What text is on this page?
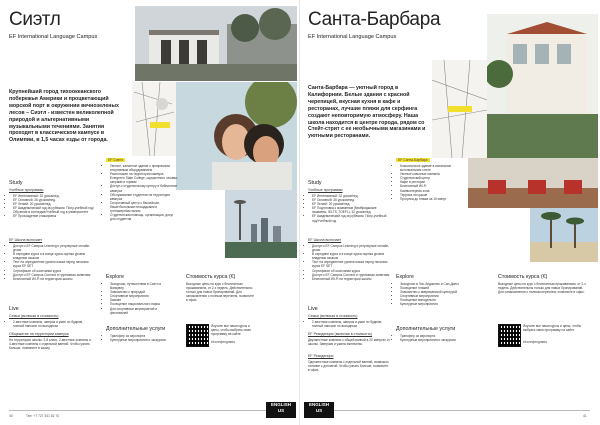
Сиэтл
EF International Language Campus
Крупнейший город тихоокеанского побережья Америки и процветающий морской порт в окружении вечнозеленых лесов – Сиэтл - известен великолепной природой и альтернативными музыкальными течениями. Занятия проходят в классическом кампусе в Олимпии, в 1,5 часах езды от города.
Study
Учебные программы
• EF Интенсивный: 32 урока/нед.
• EF Основной: 26 уроков/нед.
• EF Легкий: 20 уроков/нед.
• EF Академический год за рубежом. Полу-учебный год/Обучение в колледже/Учебный год в университете
• EF Прохождение стажировок
EF Сиэтл
• Уютное, желанное здание с прекрасным спортивным оборудованием
• Расположен на территории кампуса Evergreen State College, окруженного лесами, озерами и горами
• Доступ к студенческому центру и библиотеке кампуса
• Обслуживание студентов на территории кампуса
• Споротивный центр с бассейном, баскетбольными площадками и тренажерным залом
• Студенческая помощь, организация, досуг для студентов
EF Школа включает
• Доступ к EF Campus Learning и регулярные онлайн-уроки
• В середине курса и в конце курса оценка уровня владения языком
• Тест на определение уровня языка перед началом курса EF SET
• Сертификат об окончании курса
• Доступ к EF Campus Connect и групповым занятиям
• Бесплатный Wi-Fi на территории школы
Live
Семьи (включая в стоимость)
• 2-местные комнаты, завтрак и ужин по будням, полный пансион по выходным
Общежитие на территории кампуса
На территории школы: 2-й класс, 2-местные комнаты и 4-местные комнаты с отдельной ванной. Чтобы узнать больше, позвоните в школу.
Explore
• Экскурсии, путешествия в Сиэтл и Ванкувер
• Знакомство с природой
• Спортивные мероприятия
• Каякинг
• Посещение национального парка
• Для спортивных мероприятий и фестивалей
Дополнительные услуги
• Трансфер из аэропорта
• Культурные мероприятия и экскурсии
Стоимость курса (€)
Выгодные цены на курс с бесплатным проживанием, от 2-х недель. Действительны только для новых бронирований. Для ознакомления с полным перечнем, позвоните в офис.
Изучите все наши курсы и цены, чтобы выбрать свою программу на сайте
ef.com/programs
40	Тел: +7 727 341 82 70
ENGLISH
US
Санта-Барбара
EF International Language Campus
Санта-Барбара — уютный город в Калифорнии. Белые здания с красной черепицей, вкусная кухня в кафе и ресторанах, лучшие пляжи для серфинга создают неповторимую атмосферу. Наша школа находится в центре города, рядом со Стейт-стрит с ее необычными магазинами и уютными ресторанами.
Study
Учебные программы
• EF Интенсивный: 32 урока/нед.
• EF Основной: 26 уроков/нед.
• EF Легкий: 20 уроков/нед.
• EF Подготовка к экзаменам (Кембриджские экзамены, IELTS, TOEFL): 32 урока/нед.
• EF Академический год за рубежом. Полу-учебный год/Учебный год
EF Санта-Барбара
• Классическое здание в испанском колониальном стиле
• Уютные классные комнаты
• Студенческий центр
• Кафе и ресторан
• Бесплатный Wi-Fi
• Компьютерная зона
• Терраса на крыше
• Прогулка до пляжа за 10 минут
EF Школа включает
• Доступ к EF Campus Learning и регулярные онлайн-уроки
• В середине курса и в конце курса оценка уровня владения языком
• Тест на определение уровня языка перед началом курса EF SET
• Сертификат об окончании курса
• Доступ к EF Campus Connect и групповым занятиям
• Бесплатный Wi-Fi на территории школы
Live
Семьи (включая в стоимость)
• 2-местные комнаты, завтрак и ужин по будням, полный пансион по выходным
EF Резиденция (включая в стоимость)
Двухместные комнаты с общей ванной в 20 минутах от школы. Завтраки и ужины включены.
EF Резиденция
Одноместные комнаты с отдельной ванной, возможно питание с доплатой. Чтобы узнать больше, позвоните в офис.
Explore
• Экскурсии в Лос-Анджелес и Сан-Диего
• Посещение пляжей
• Знакомство с американской культурой
• Спортивные мероприятия
• Посещение винодельни
• Культурные мероприятия
Дополнительные услуги
• Трансфер из аэропорта
• Культурные мероприятия и экскурсии
Стоимость курса (€)
Выгодные цены на курс с бесплатным проживанием, от 2-х недель. Действительны только для новых бронирований. Для ознакомления с полным перечнем, позвоните в офис.
Изучите все наши курсы и цены, чтобы выбрать свою программу на сайте
ef.com/programs
ENGLISH
US
41
